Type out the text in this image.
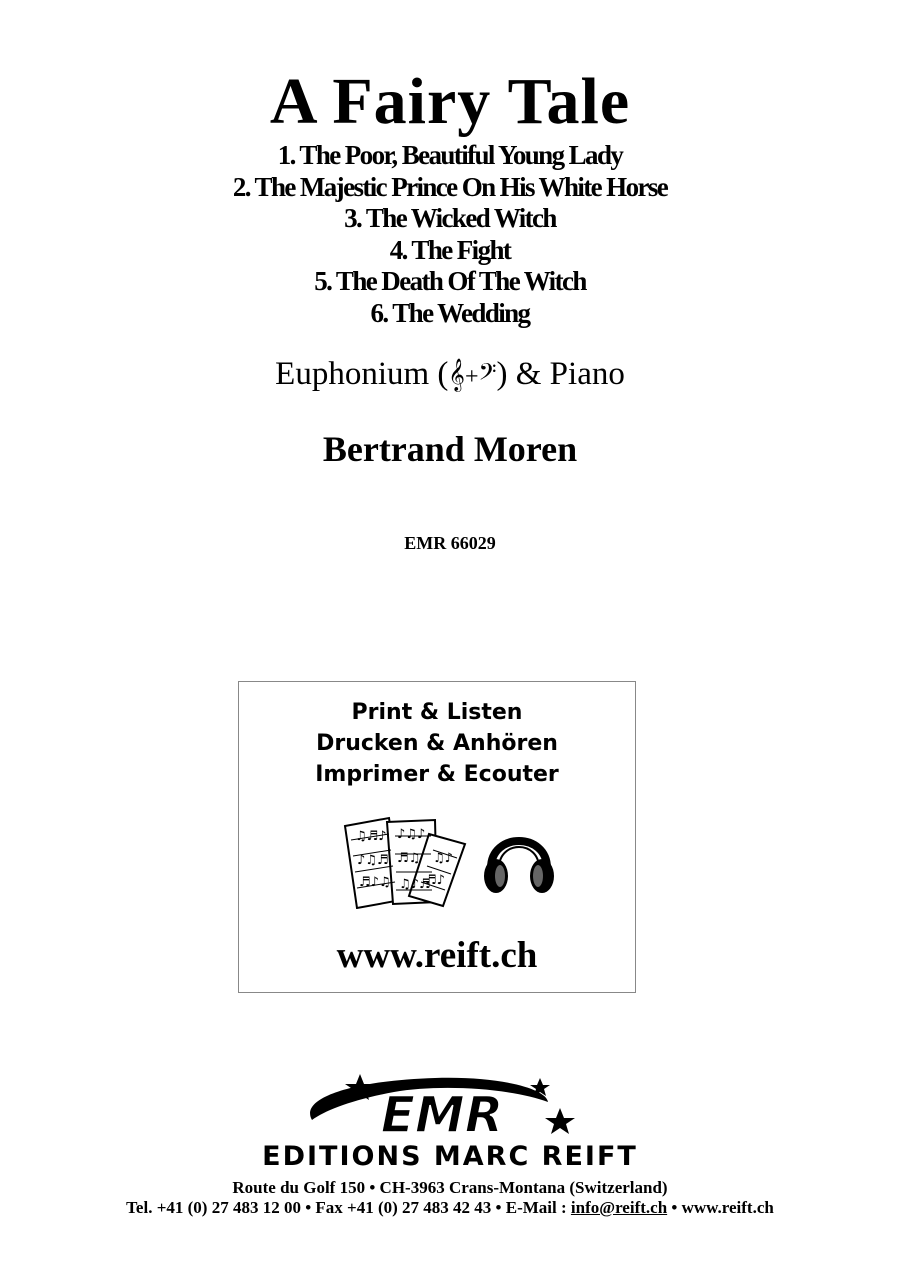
A Fairy Tale
1. The Poor, Beautiful Young Lady
2. The Majestic Prince On His White Horse
3. The Wicked Witch
4. The Fight
5. The Death Of The Witch
6. The Wedding
Euphonium (𝄞+𝄢) & Piano
Bertrand Moren
EMR 66029
Print & Listen
Drucken & Anhören
Imprimer & Ecouter
♫♬♪
♪♫♬
♬♪♫
♪♫♪
♬♫
♫♪♬
♫♪
♬♪
www.reift.ch
EMR
EDITIONS MARC REIFT
Route du Golf 150 • CH-3963 Crans-Montana (Switzerland)
Tel. +41 (0) 27 483 12 00 • Fax +41 (0) 27 483 42 43 • E-Mail : info@reift.ch • www.reift.ch
